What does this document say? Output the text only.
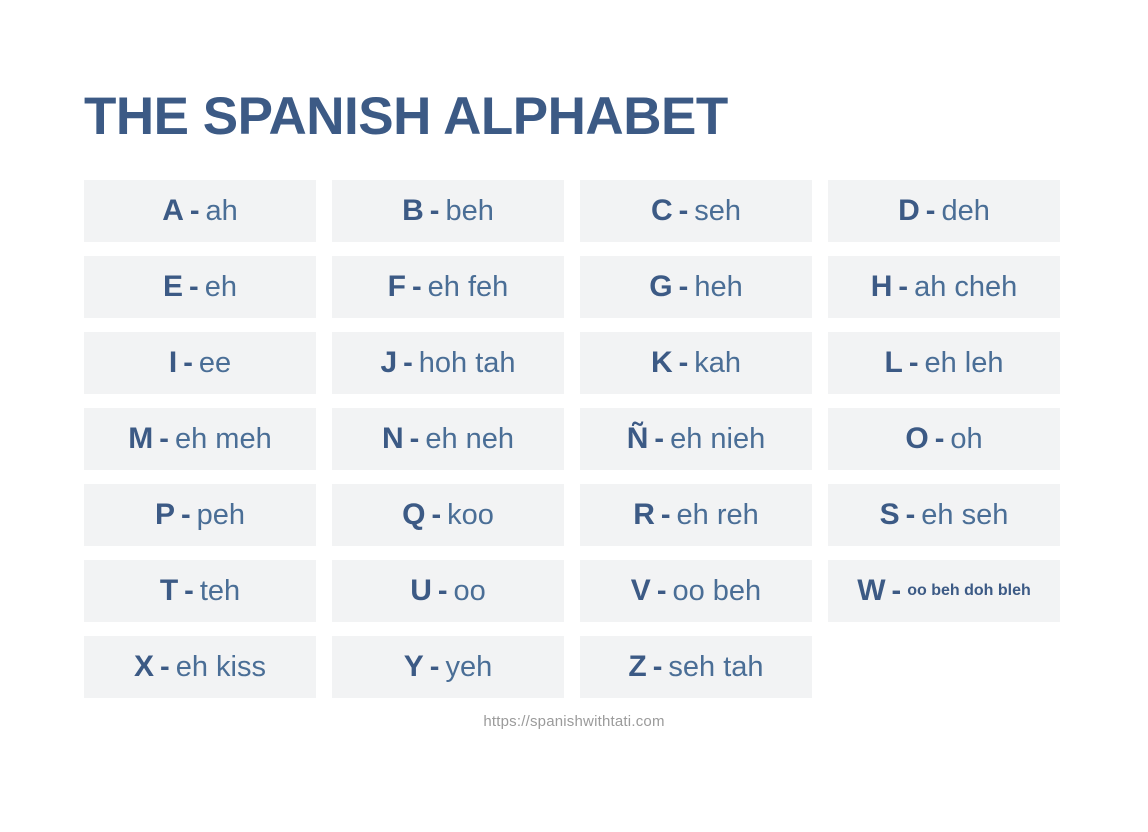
THE SPANISH ALPHABET
A - ah	B - beh	C - seh	D - deh
E - eh	F - eh feh	G - heh	H - ah cheh
I - ee	J - hoh tah	K - kah	L - eh leh
M - eh meh	N - eh neh	Ñ - eh nieh	O - oh
P - peh	Q - koo	R - eh reh	S - eh seh
T - teh	U - oo	V - oo beh	W - oo beh doh bleh
X - eh kiss	Y - yeh	Z - seh tah
https://spanishwithtati.com
